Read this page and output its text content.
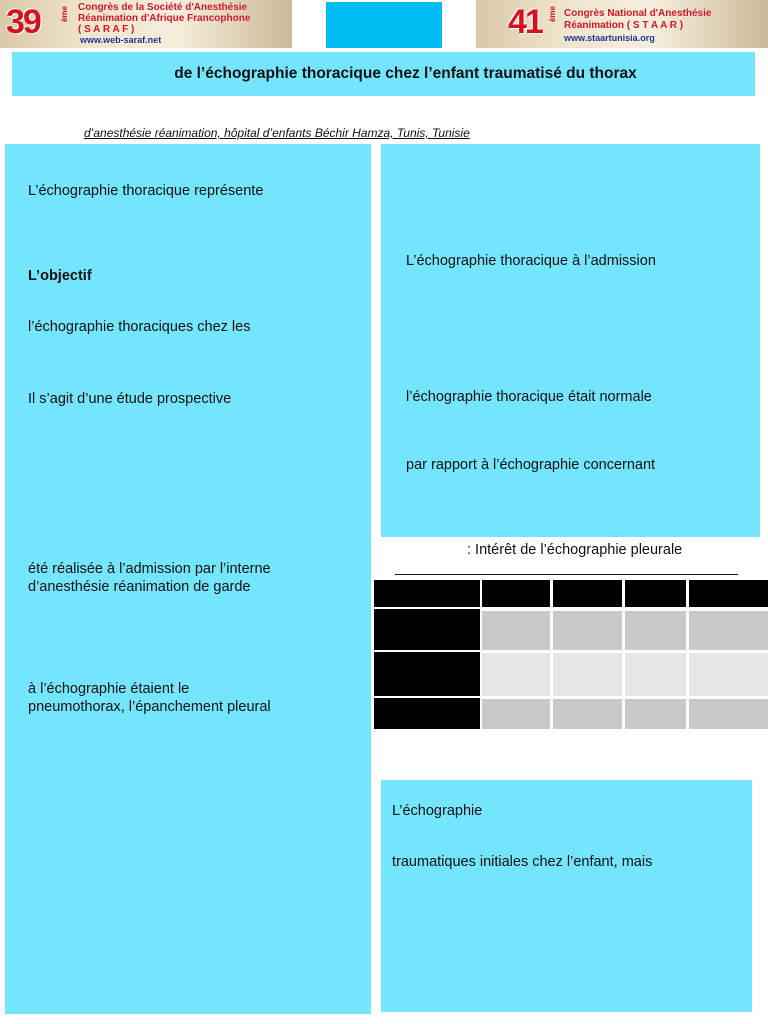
39	ème Congrès de la Société d'Anesthésie
Réanimation d'Afrique Francophone
( S A R A F )
www.web-saraf.net	41 ème Congrès National d'Anesthésie
Réanimation ( S T A A R )
www.staartunisia.org
de l’échographie thoracique chez l’enfant traumatisé du thorax
d’anesthésie réanimation, hôpital d’enfants Béchir Hamza, Tunis, Tunisie
L’échographie thoracique représente
L’objectif
l’échographie thoraciques chez les
Il s’agit d’une étude prospective
été réalisée à l’admission par l’interne
d’anesthésie réanimation de garde
à l’échographie étaient le
pneumothorax, l’épanchement pleural
L’échographie thoracique à l’admission
l’échographie thoracique était normale
par rapport à l’échographie concernant
: Intérêt de l’échographie pleurale
L’échographie
traumatiques initiales chez l’enfant, mais
